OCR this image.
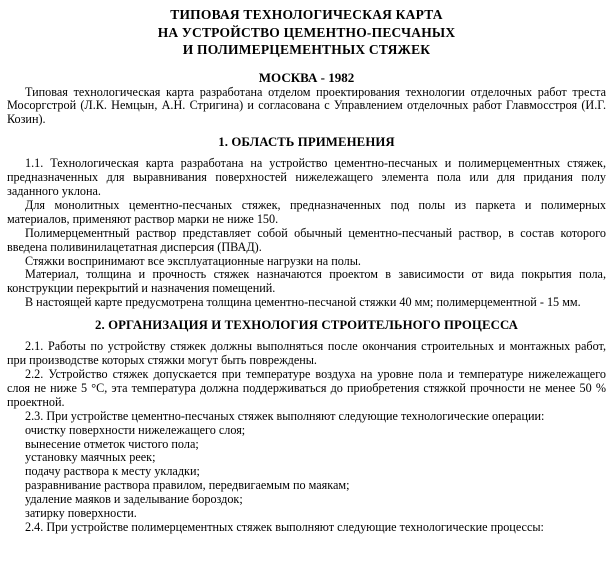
ТИПОВАЯ ТЕХНОЛОГИЧЕСКАЯ КАРТА
НА УСТРОЙСТВО ЦЕМЕНТНО-ПЕСЧАНЫХ
И ПОЛИМЕРЦЕМЕНТНЫХ СТЯЖЕК
МОСКВА - 1982

Типовая технологическая карта разработана отделом проектирования технологии отделочных работ треста Мосоргстрой (Л.К. Немцын, А.Н. Стригина) и согласована с Управлением отделочных работ Главмосстроя (И.Г. Козин).

1. ОБЛАСТЬ ПРИМЕНЕНИЯ

1.1. Технологическая карта разработана на устройство цементно-песчаных и полимерцементных стяжек, предназначенных для выравнивания поверхностей нижележащего элемента пола или для придания полу заданного уклона.

Для монолитных цементно-песчаных стяжек, предназначенных под полы из паркета и полимерных материалов, применяют раствор марки не ниже 150.

Полимерцементный раствор представляет собой обычный цементно-песчаный раствор, в состав которого введена поливинилацетатная дисперсия (ПВАД).

Стяжки воспринимают все эксплуатационные нагрузки на полы.

Материал, толщина и прочность стяжек назначаются проектом в зависимости от вида покрытия пола, конструкции перекрытий и назначения помещений.

В настоящей карте предусмотрена толщина цементно-песчаной стяжки 40 мм; полимерцементной - 15 мм.

2. ОРГАНИЗАЦИЯ И ТЕХНОЛОГИЯ СТРОИТЕЛЬНОГО ПРОЦЕССА

2.1. Работы по устройству стяжек должны выполняться после окончания строительных и монтажных работ, при производстве которых стяжки могут быть повреждены.

2.2. Устройство стяжек допускается при температуре воздуха на уровне пола и температуре нижележащего слоя не ниже 5 °С, эта температура должна поддерживаться до приобретения стяжкой прочности не менее 50 % проектной.

2.3. При устройстве цементно-песчаных стяжек выполняют следующие технологические операции:

очистку поверхности нижележащего слоя;

вынесение отметок чистого пола;

установку маячных реек;

подачу раствора к месту укладки;

разравнивание раствора правилом, передвигаемым по маякам;

удаление маяков и заделывание бороздок;

затирку поверхности.

2.4. При устройстве полимерцементных стяжек выполняют следующие технологические процессы:
